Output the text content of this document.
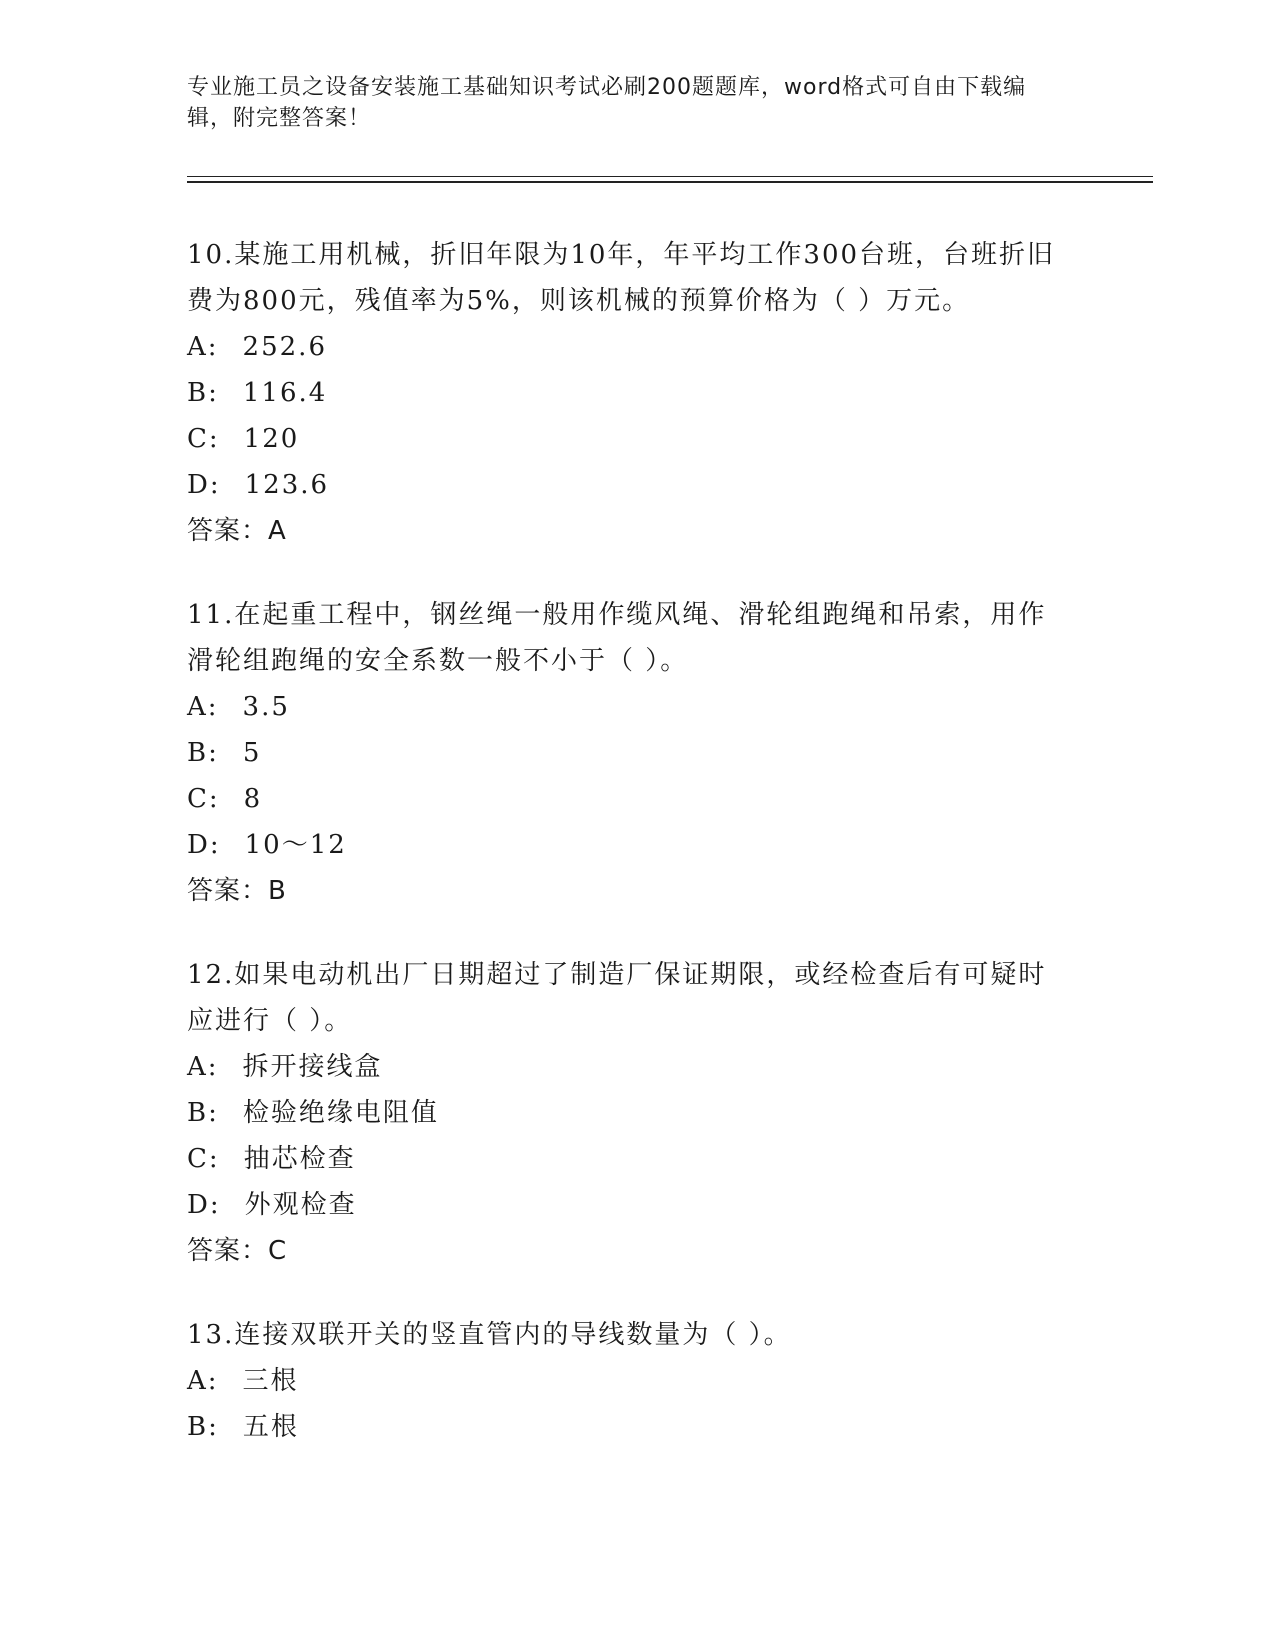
专业施工员之设备安装施工基础知识考试必刷200题题库，word格式可自由下载编辑，附完整答案！
10.某施工用机械，折旧年限为10年，年平均工作300台班，台班折旧费为800元，残值率为5%，则该机械的预算价格为（ ）万元。
A: 252.6
B: 116.4
C: 120
D: 123.6
答案：A
11.在起重工程中，钢丝绳一般用作缆风绳、滑轮组跑绳和吊索，用作滑轮组跑绳的安全系数一般不小于（ ）。
A: 3.5
B: 5
C: 8
D: 10～12
答案：B
12.如果电动机出厂日期超过了制造厂保证期限，或经检查后有可疑时应进行（ ）。
A: 拆开接线盒
B: 检验绝缘电阻值
C: 抽芯检查
D: 外观检查
答案：C
13.连接双联开关的竖直管内的导线数量为（ ）。
A: 三根
B: 五根
